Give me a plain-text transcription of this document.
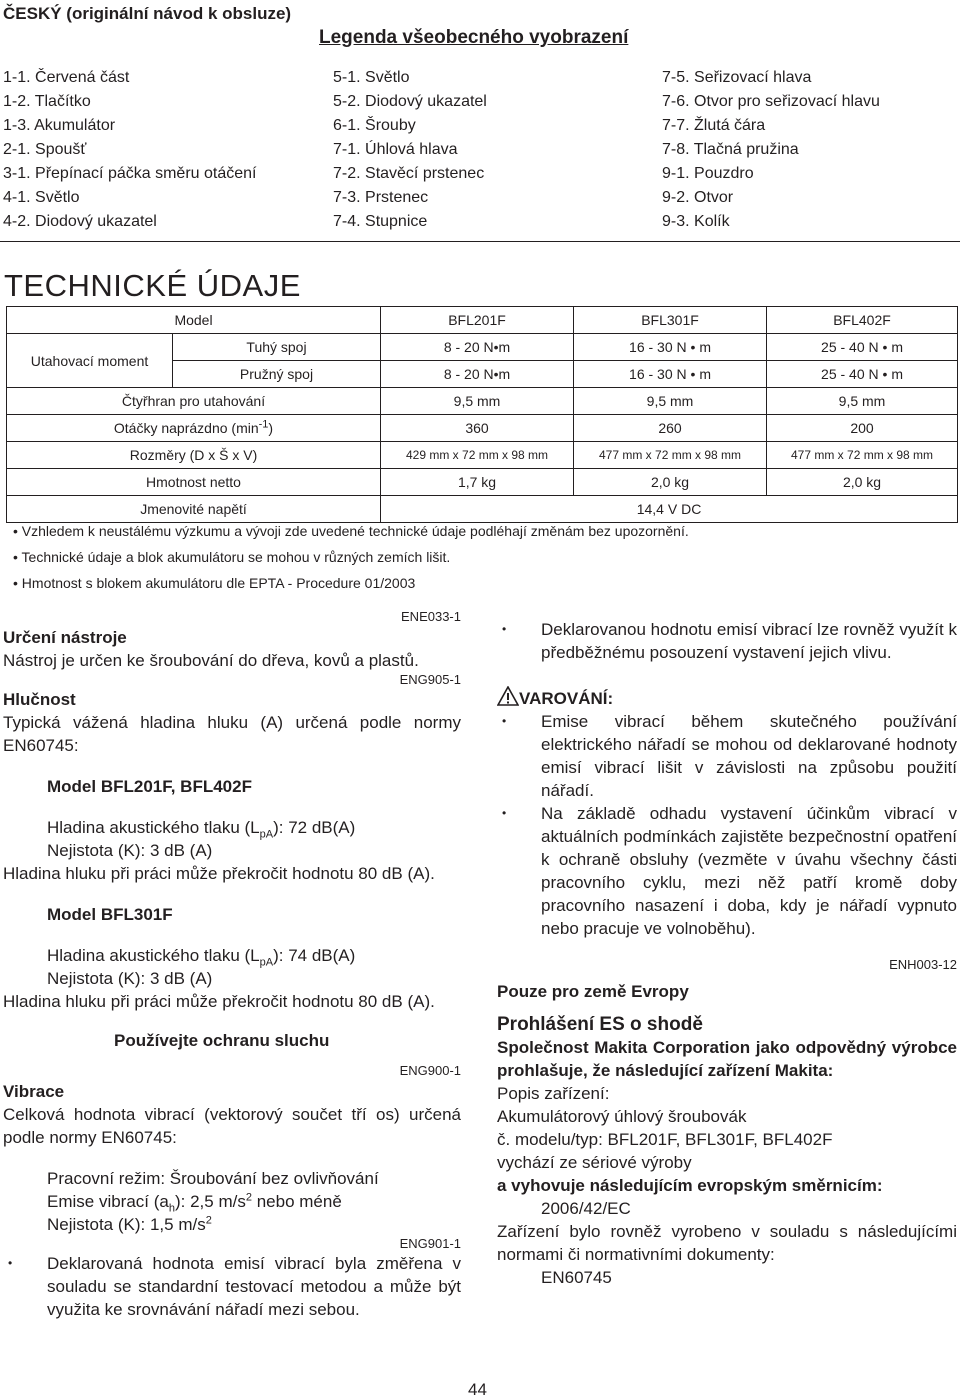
ČESKÝ (originální návod k obsluze)
Legenda všeobecného vyobrazení
1-1. Červená část
1-2. Tlačítko
1-3. Akumulátor
2-1. Spoušť
3-1. Přepínací páčka směru otáčení
4-1. Světlo
4-2. Diodový ukazatel
5-1. Světlo
5-2. Diodový ukazatel
6-1. Šrouby
7-1. Úhlová hlava
7-2. Stavěcí prstenec
7-3. Prstenec
7-4. Stupnice
7-5. Seřizovací hlava
7-6. Otvor pro seřizovací hlavu
7-7. Žlutá čára
7-8. Tlačná pružina
9-1. Pouzdro
9-2. Otvor
9-3. Kolík
TECHNICKÉ ÚDAJE
Model		BFL201F	BFL301F	BFL402F
Utahovací moment	Tuhý spoj	8 - 20 N•m	16 - 30 N • m	25 - 40 N • m
	Pružný spoj	8 - 20 N•m	16 - 30 N • m	25 - 40 N • m
Čtyřhran pro utahování		9,5 mm	9,5 mm	9,5 mm
Otáčky naprázdno $(\min^{-1})$		360	260	200
Rozměry (D x Š x V)		429 mm x 72 mm x 98 mm	477 mm x 72 mm x 98 mm	477 mm x 72 mm x 98 mm
Hmotnost netto		1,7 kg	2,0 kg	2,0 kg
Jmenovité napětí		14,4 V DC		
• Vzhledem k neustálému výzkumu a vývoji zde uvedené technické údaje podléhají změnám bez upozornění.
• Technické údaje a blok akumulátoru se mohou v různých zemích lišit.
• Hmotnost s blokem akumulátoru dle EPTA - Procedure 01/2003
ENE033-1
Určení nástroje
Nástroj je určen ke šroubování do dřeva, kovů a plastů.
ENG905-1
Hlučnost
Typická vážená hladina hluku (A) určená podle normy EN60745:
Model BFL201F, BFL402F
Hladina akustického tlaku $(L_{pA})$: 72 dB(A)
Nejistota (K): 3 dB (A)
Hladina hluku při práci může překročit hodnotu 80 dB (A).
Model BFL301F
Hladina akustického tlaku $(L_{pA})$: 74 dB(A)
Nejistota (K): 3 dB (A)
Hladina hluku při práci může překročit hodnotu 80 dB (A).
Používejte ochranu sluchu
ENG900-1
Vibrace
Celková hodnota vibrací (vektorový součet tří os) určená podle normy EN60745:
Pracovní režim: Šroubování bez ovlivňování
Emise vibrací $(a_h)$: 2,5 $m/s^2$ nebo méně
Nejistota (K): 1,5 $m/s^2$
ENG901-1
• Deklarovaná hodnota emisí vibrací byla změřena v souladu se standardní testovací metodou a může být využita ke srovnávání nářadí mezi sebou.
• Deklarovanou hodnotu emisí vibrací lze rovněž využít k předběžnému posouzení vystavení jejich vlivu.
VAROVÁNÍ:
• Emise vibrací během skutečného používání elektrického nářadí se mohou od deklarované hodnoty emisí vibrací lišit v závislosti na způsobu použití nářadí.
• Na základě odhadu vystavení účinkům vibrací v aktuálních podmínkách zajistěte bezpečnostní opatření k ochraně obsluhy (vezměte v úvahu všechny části pracovního cyklu, mezi něž patří kromě doby pracovního nasazení i doba, kdy je nářadí vypnuto nebo pracuje ve volnoběhu).
ENH003-12
Pouze pro země Evropy
Prohlášení ES o shodě
Společnost Makita Corporation jako odpovědný výrobce prohlašuje, že následující zařízení Makita:
Popis zařízení:
Akumulátorový úhlový šroubovák
č. modelu/typ: BFL201F, BFL301F, BFL402F
vychází ze sériové výroby
a vyhovuje následujícím evropským směrnicím:
2006/42/EC
Zařízení bylo rovněž vyrobeno v souladu s následujícími normami či normativními dokumenty:
EN60745
44
